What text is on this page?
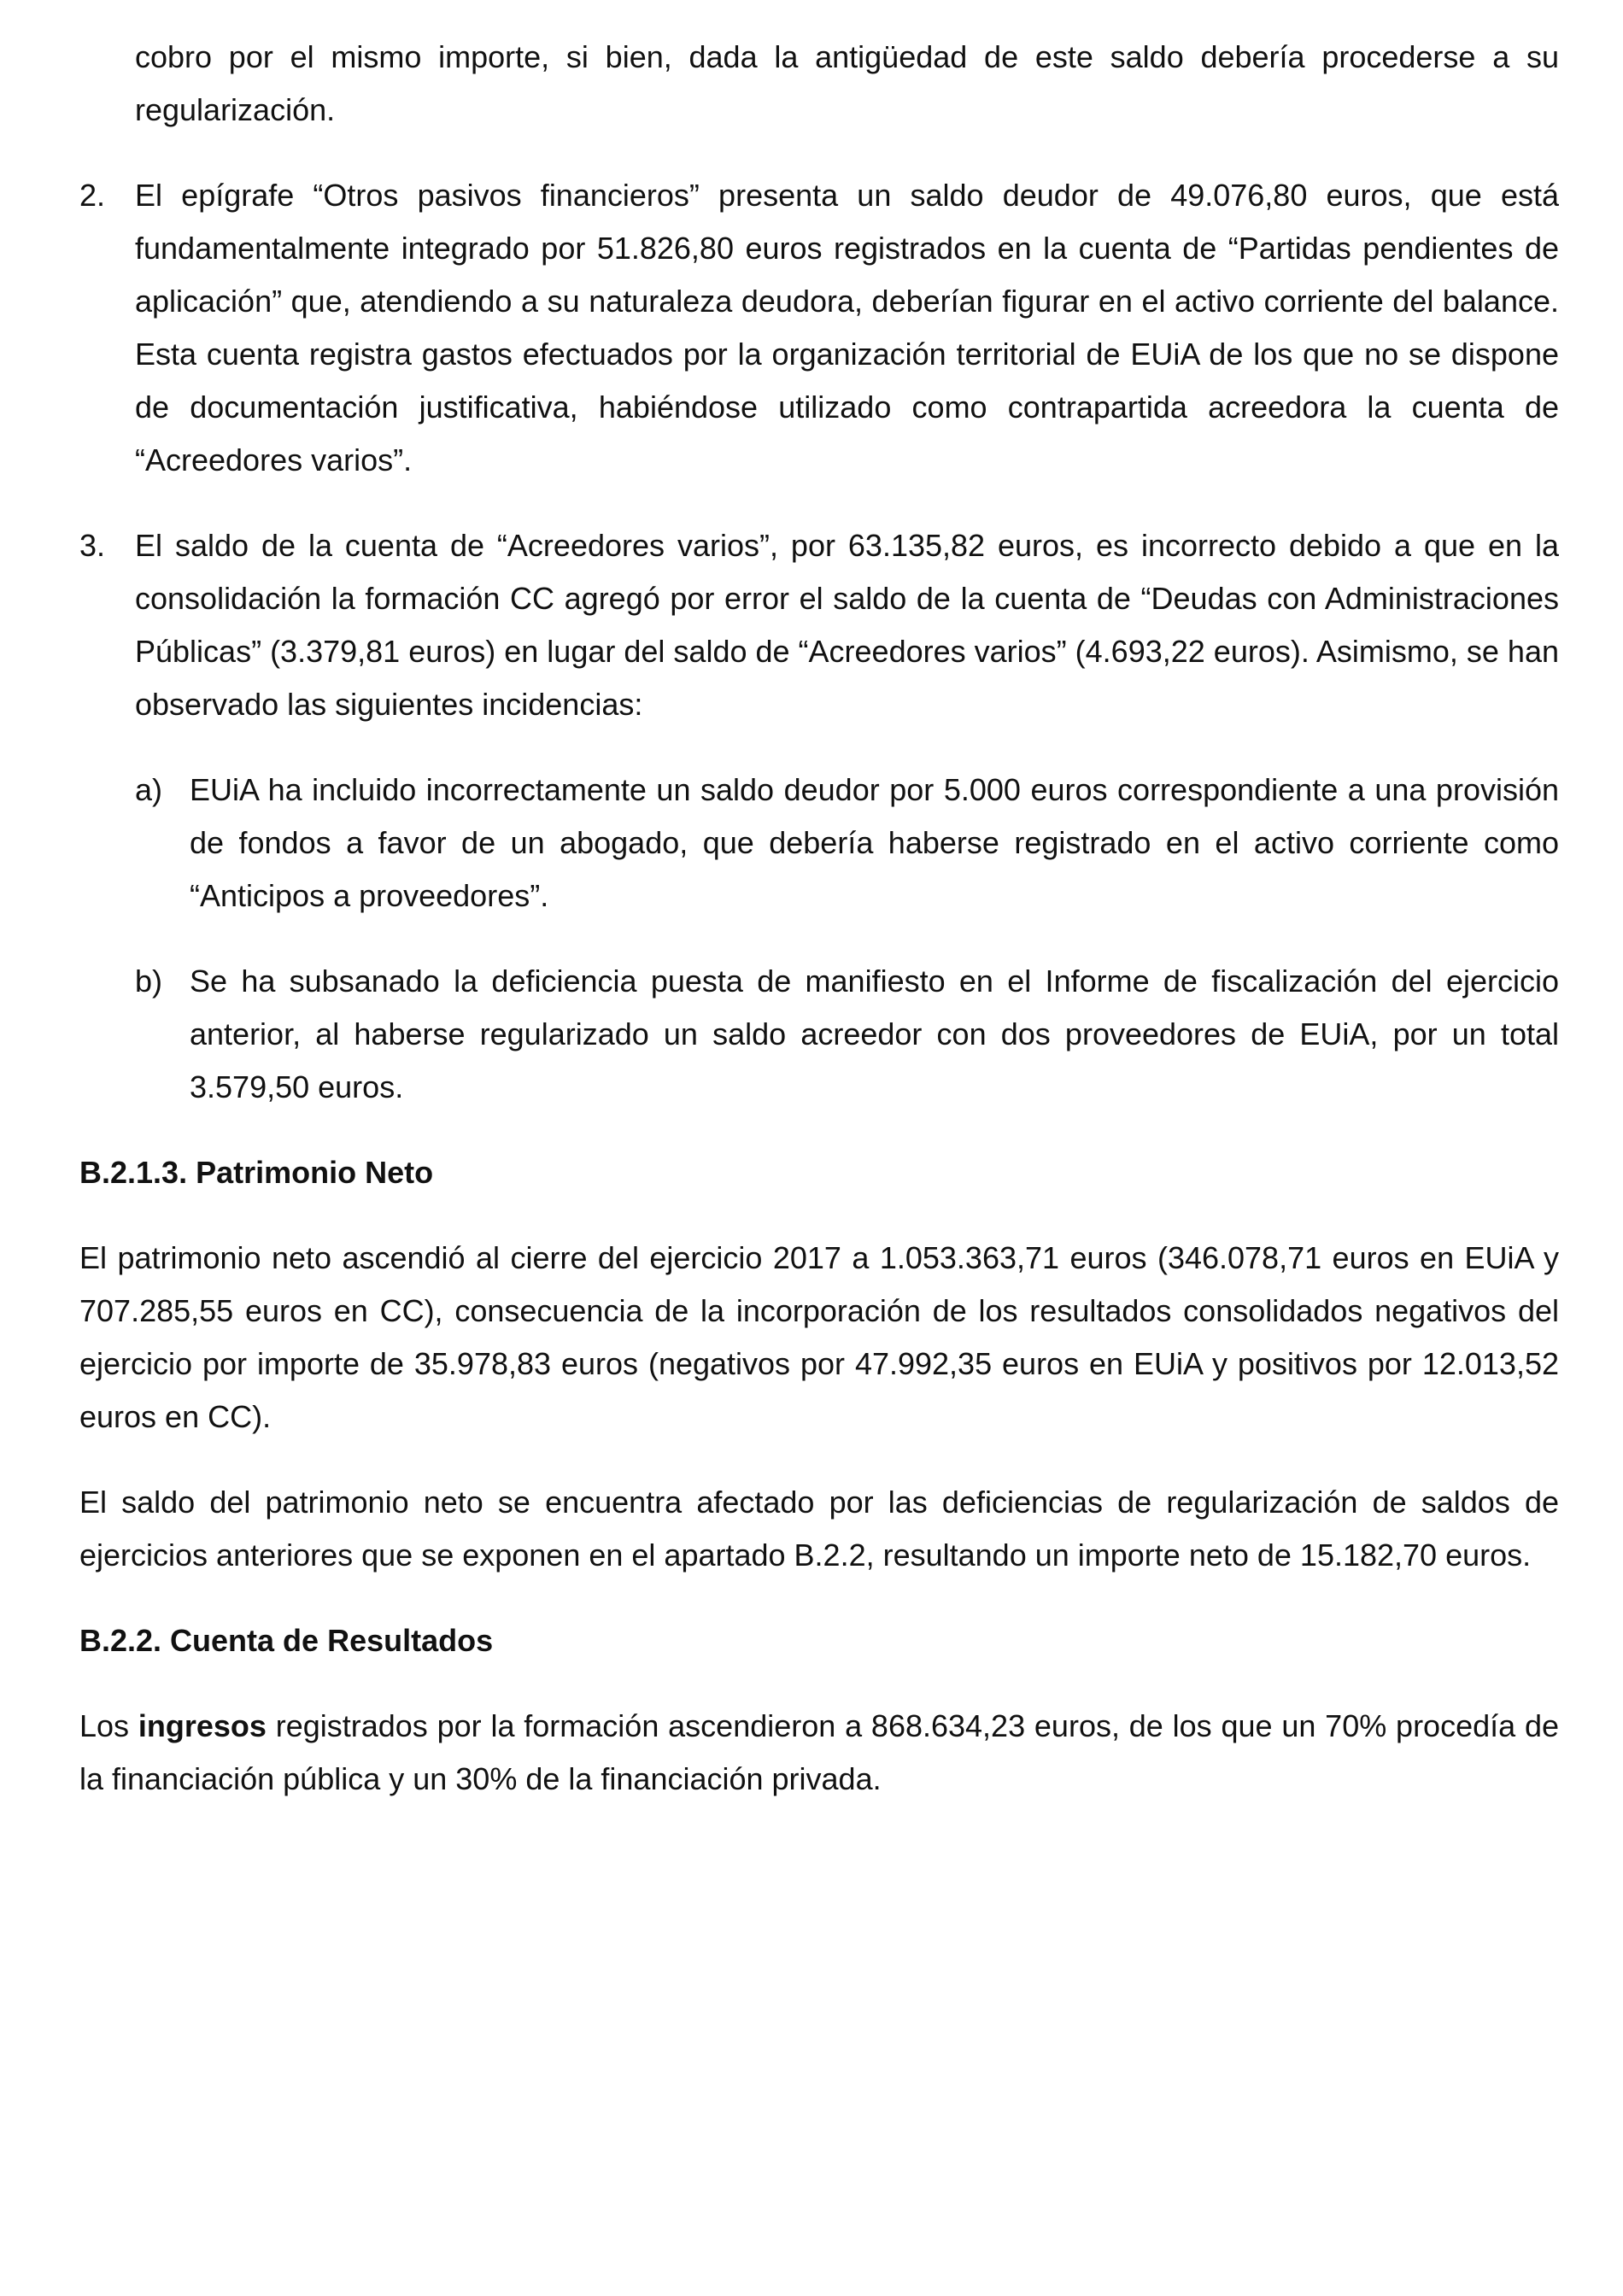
cobro por el mismo importe, si bien, dada la antigüedad de este saldo debería procederse a su regularización.

2. El epígrafe “Otros pasivos financieros” presenta un saldo deudor de 49.076,80 euros, que está fundamentalmente integrado por 51.826,80 euros registrados en la cuenta de “Partidas pendientes de aplicación” que, atendiendo a su naturaleza deudora, deberían figurar en el activo corriente del balance. Esta cuenta registra gastos efectuados por la organización territorial de EUiA de los que no se dispone de documentación justificativa, habiéndose utilizado como contrapartida acreedora la cuenta de “Acreedores varios”.
3. El saldo de la cuenta de “Acreedores varios”, por 63.135,82 euros, es incorrecto debido a que en la consolidación la formación CC agregó por error el saldo de la cuenta de “Deudas con Administraciones Públicas” (3.379,81 euros) en lugar del saldo de “Acreedores varios” (4.693,22 euros). Asimismo, se han observado las siguientes incidencias:
a) EUiA ha incluido incorrectamente un saldo deudor por 5.000 euros correspondiente a una provisión de fondos a favor de un abogado, que debería haberse registrado en el activo corriente como “Anticipos a proveedores”.
b) Se ha subsanado la deficiencia puesta de manifiesto en el Informe de fiscalización del ejercicio anterior, al haberse regularizado un saldo acreedor con dos proveedores de EUiA, por un total 3.579,50 euros.
B.2.1.3. Patrimonio Neto

El patrimonio neto ascendió al cierre del ejercicio 2017 a 1.053.363,71 euros (346.078,71 euros en EUiA y 707.285,55 euros en CC), consecuencia de la incorporación de los resultados consolidados negativos del ejercicio por importe de 35.978,83 euros (negativos por 47.992,35 euros en EUiA y positivos por 12.013,52 euros en CC).

El saldo del patrimonio neto se encuentra afectado por las deficiencias de regularización de saldos de ejercicios anteriores que se exponen en el apartado B.2.2, resultando un importe neto de 15.182,70 euros.

B.2.2. Cuenta de Resultados

Los ingresos registrados por la formación ascendieron a 868.634,23 euros, de los que un 70% procedía de la financiación pública y un 30% de la financiación privada.
